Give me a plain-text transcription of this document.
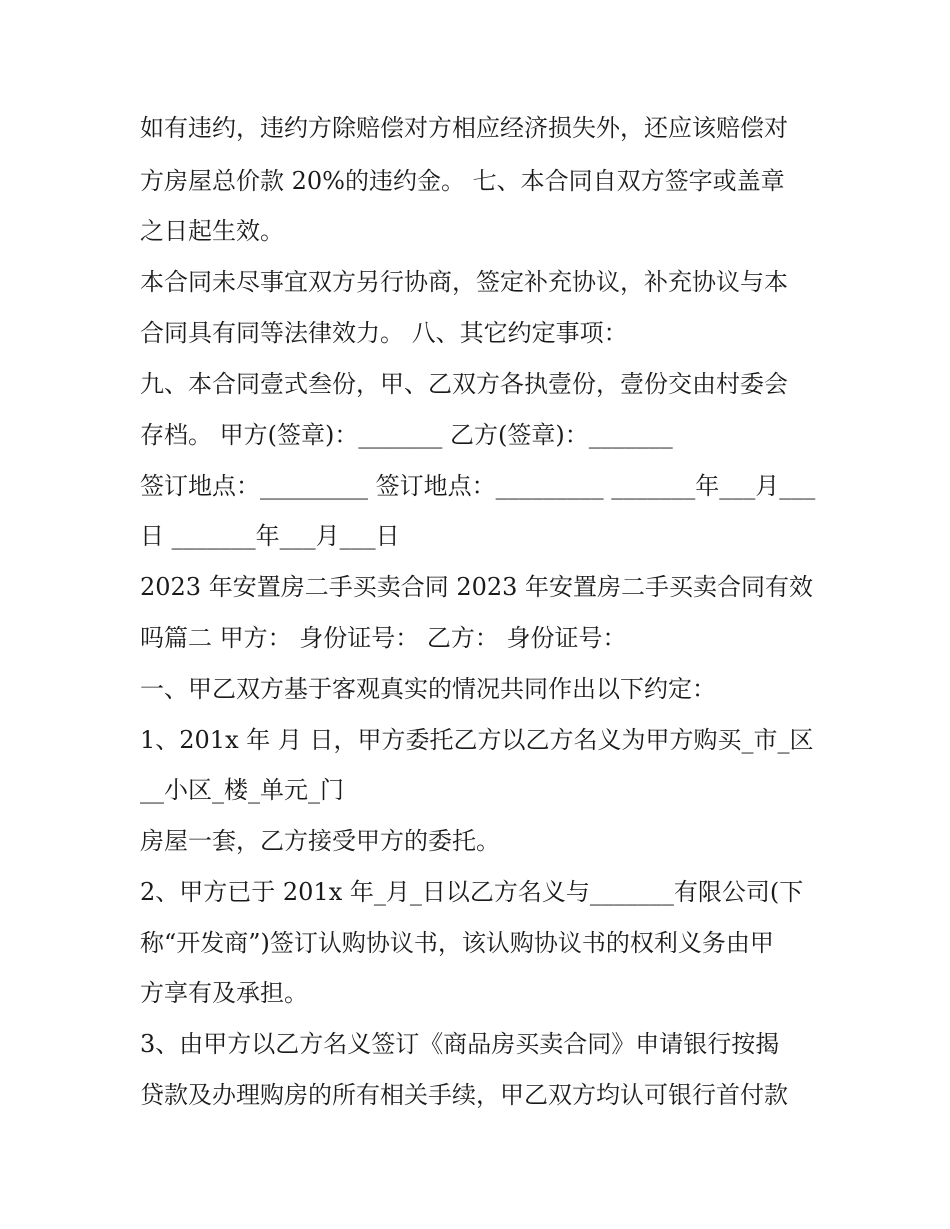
如有违约，违约方除赔偿对方相应经济损失外，还应该赔偿对
方房屋总价款 20%的违约金。 七、本合同自双方签字或盖章
之日起生效。
本合同未尽事宜双方另行协商，签定补充协议，补充协议与本
合同具有同等法律效力。 八、其它约定事项：
九、本合同壹式叁份，甲、乙双方各执壹份，壹份交由村委会
存档。 甲方(签章)：_______ 乙方(签章)：_______
签订地点：_________ 签订地点：_________ _______年___月___
日 _______年___月___日
2023 年安置房二手买卖合同 2023 年安置房二手买卖合同有效
吗篇二 甲方： 身份证号： 乙方： 身份证号：
一、甲乙双方基于客观真实的情况共同作出以下约定：
1、201x 年 月 日，甲方委托乙方以乙方名义为甲方购买_市_区
__小区_楼_单元_门
房屋一套，乙方接受甲方的委托。
2、甲方已于 201x 年_月_日以乙方名义与_______有限公司(下
称“开发商”)签订认购协议书，该认购协议书的权利义务由甲
方享有及承担。
3、由甲方以乙方名义签订《商品房买卖合同》申请银行按揭
贷款及办理购房的所有相关手续，甲乙双方均认可银行首付款
